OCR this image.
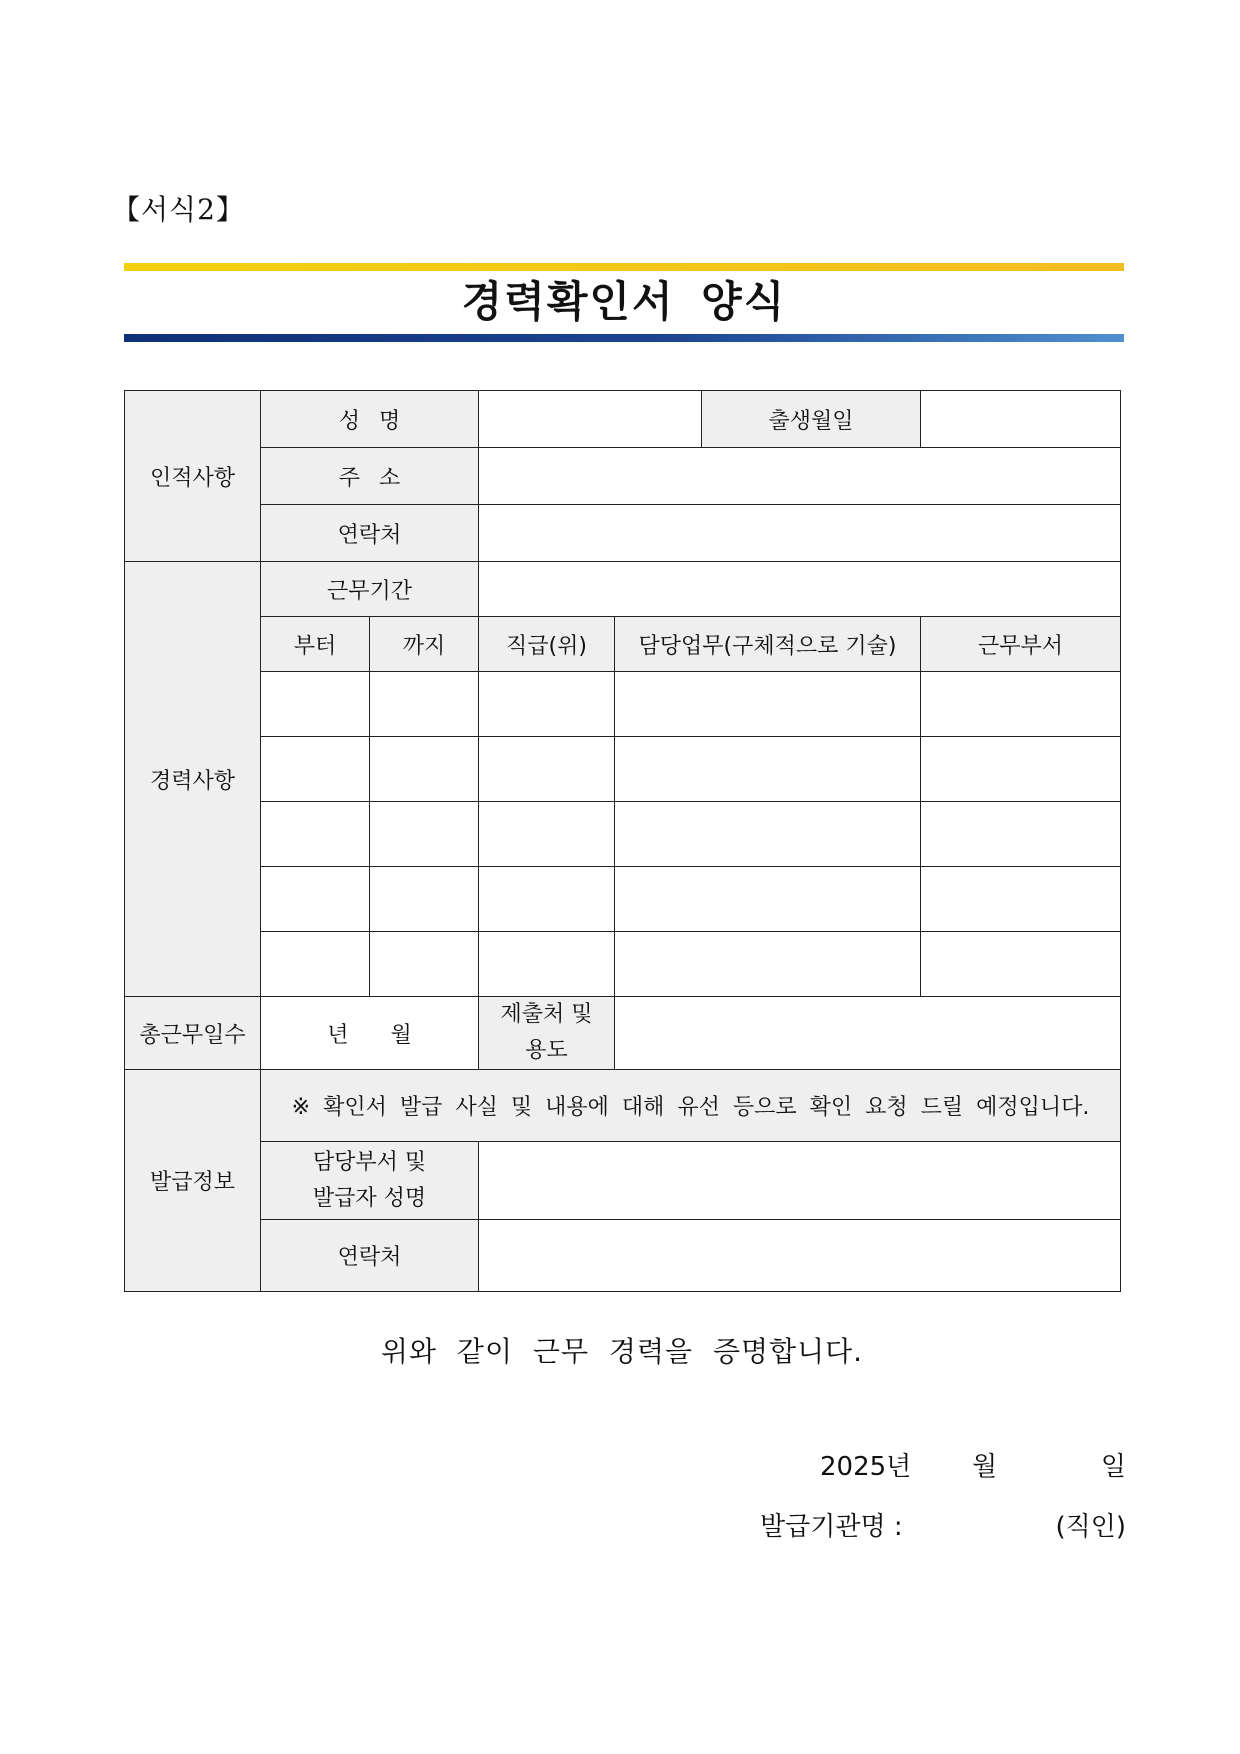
【서식2】
경력확인서 양식
인적사항	성 명				출생월일	
	주 소					
	연락처					
경력사항	근무기간					
	부터	까지	직급(위)	담당업무(구체적으로 기술)		근무부서

총근무일수	년      월		제출처 및
용도			

발급정보	※ 확인서 발급 사실 및 내용에 대해 유선 등으로 확인 요청 드릴 예정입니다.					

	담당부서 및
발급자 성명					

	연락처					
위와 같이 근무 경력을 증명합니다.
2025년 월	일
발급기관명 :	(직인)
